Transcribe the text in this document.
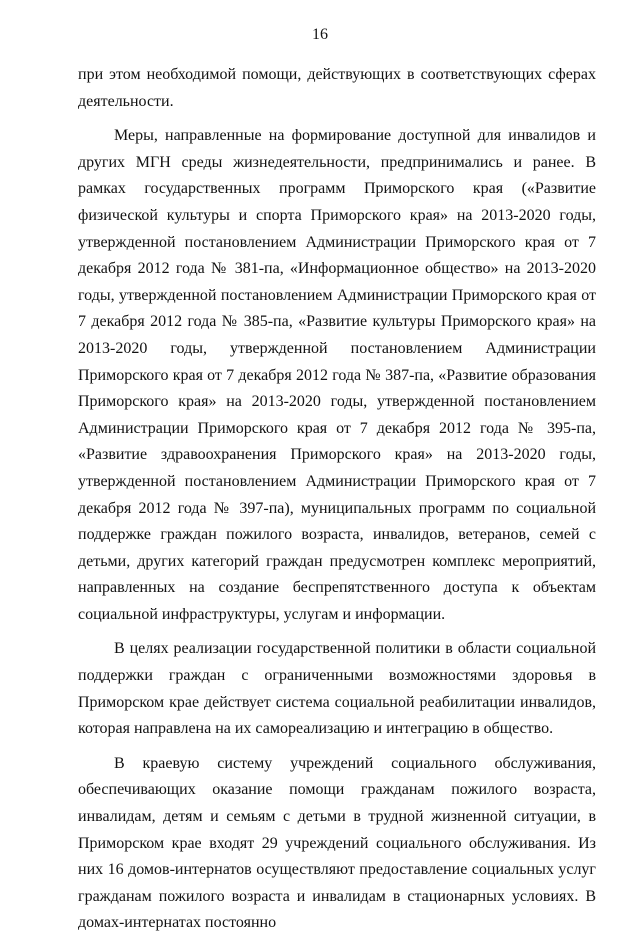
16

при этом необходимой помощи, действующих в соответствующих сферах деятельности.

Меры, направленные на формирование доступной для инвалидов и других МГН среды жизнедеятельности, предпринимались и ранее. В рамках государственных программ Приморского края («Развитие физической культуры и спорта Приморского края» на 2013-2020 годы, утвержденной постановлением Администрации Приморского края от 7 декабря 2012 года № 381-па, «Информационное общество» на 2013-2020 годы, утвержденной постановлением Администрации Приморского края от 7 декабря 2012 года № 385-па, «Развитие культуры Приморского края» на 2013-2020 годы, утвержденной постановлением Администрации Приморского края от 7 декабря 2012 года № 387-па, «Развитие образования Приморского края» на 2013-2020 годы, утвержденной постановлением Администрации Приморского края от 7 декабря 2012 года № 395-па, «Развитие здравоохранения Приморского края» на 2013-2020 годы, утвержденной постановлением Администрации Приморского края от 7 декабря 2012 года № 397-па), муниципальных программ по социальной поддержке граждан пожилого возраста, инвалидов, ветеранов, семей с детьми, других категорий граждан предусмотрен комплекс мероприятий, направленных на создание беспрепятственного доступа к объектам социальной инфраструктуры, услугам и информации.

В целях реализации государственной политики в области социальной поддержки граждан с ограниченными возможностями здоровья в Приморском крае действует система социальной реабилитации инвалидов, которая направлена на их самореализацию и интеграцию в общество.

В краевую систему учреждений социального обслуживания, обеспечивающих оказание помощи гражданам пожилого возраста, инвалидам, детям и семьям с детьми в трудной жизненной ситуации, в Приморском крае входят 29 учреждений социального обслуживания. Из них 16 домов-интернатов осуществляют предоставление социальных услуг гражданам пожилого возраста и инвалидам в стационарных условиях. В домах-интернатах постоянно
